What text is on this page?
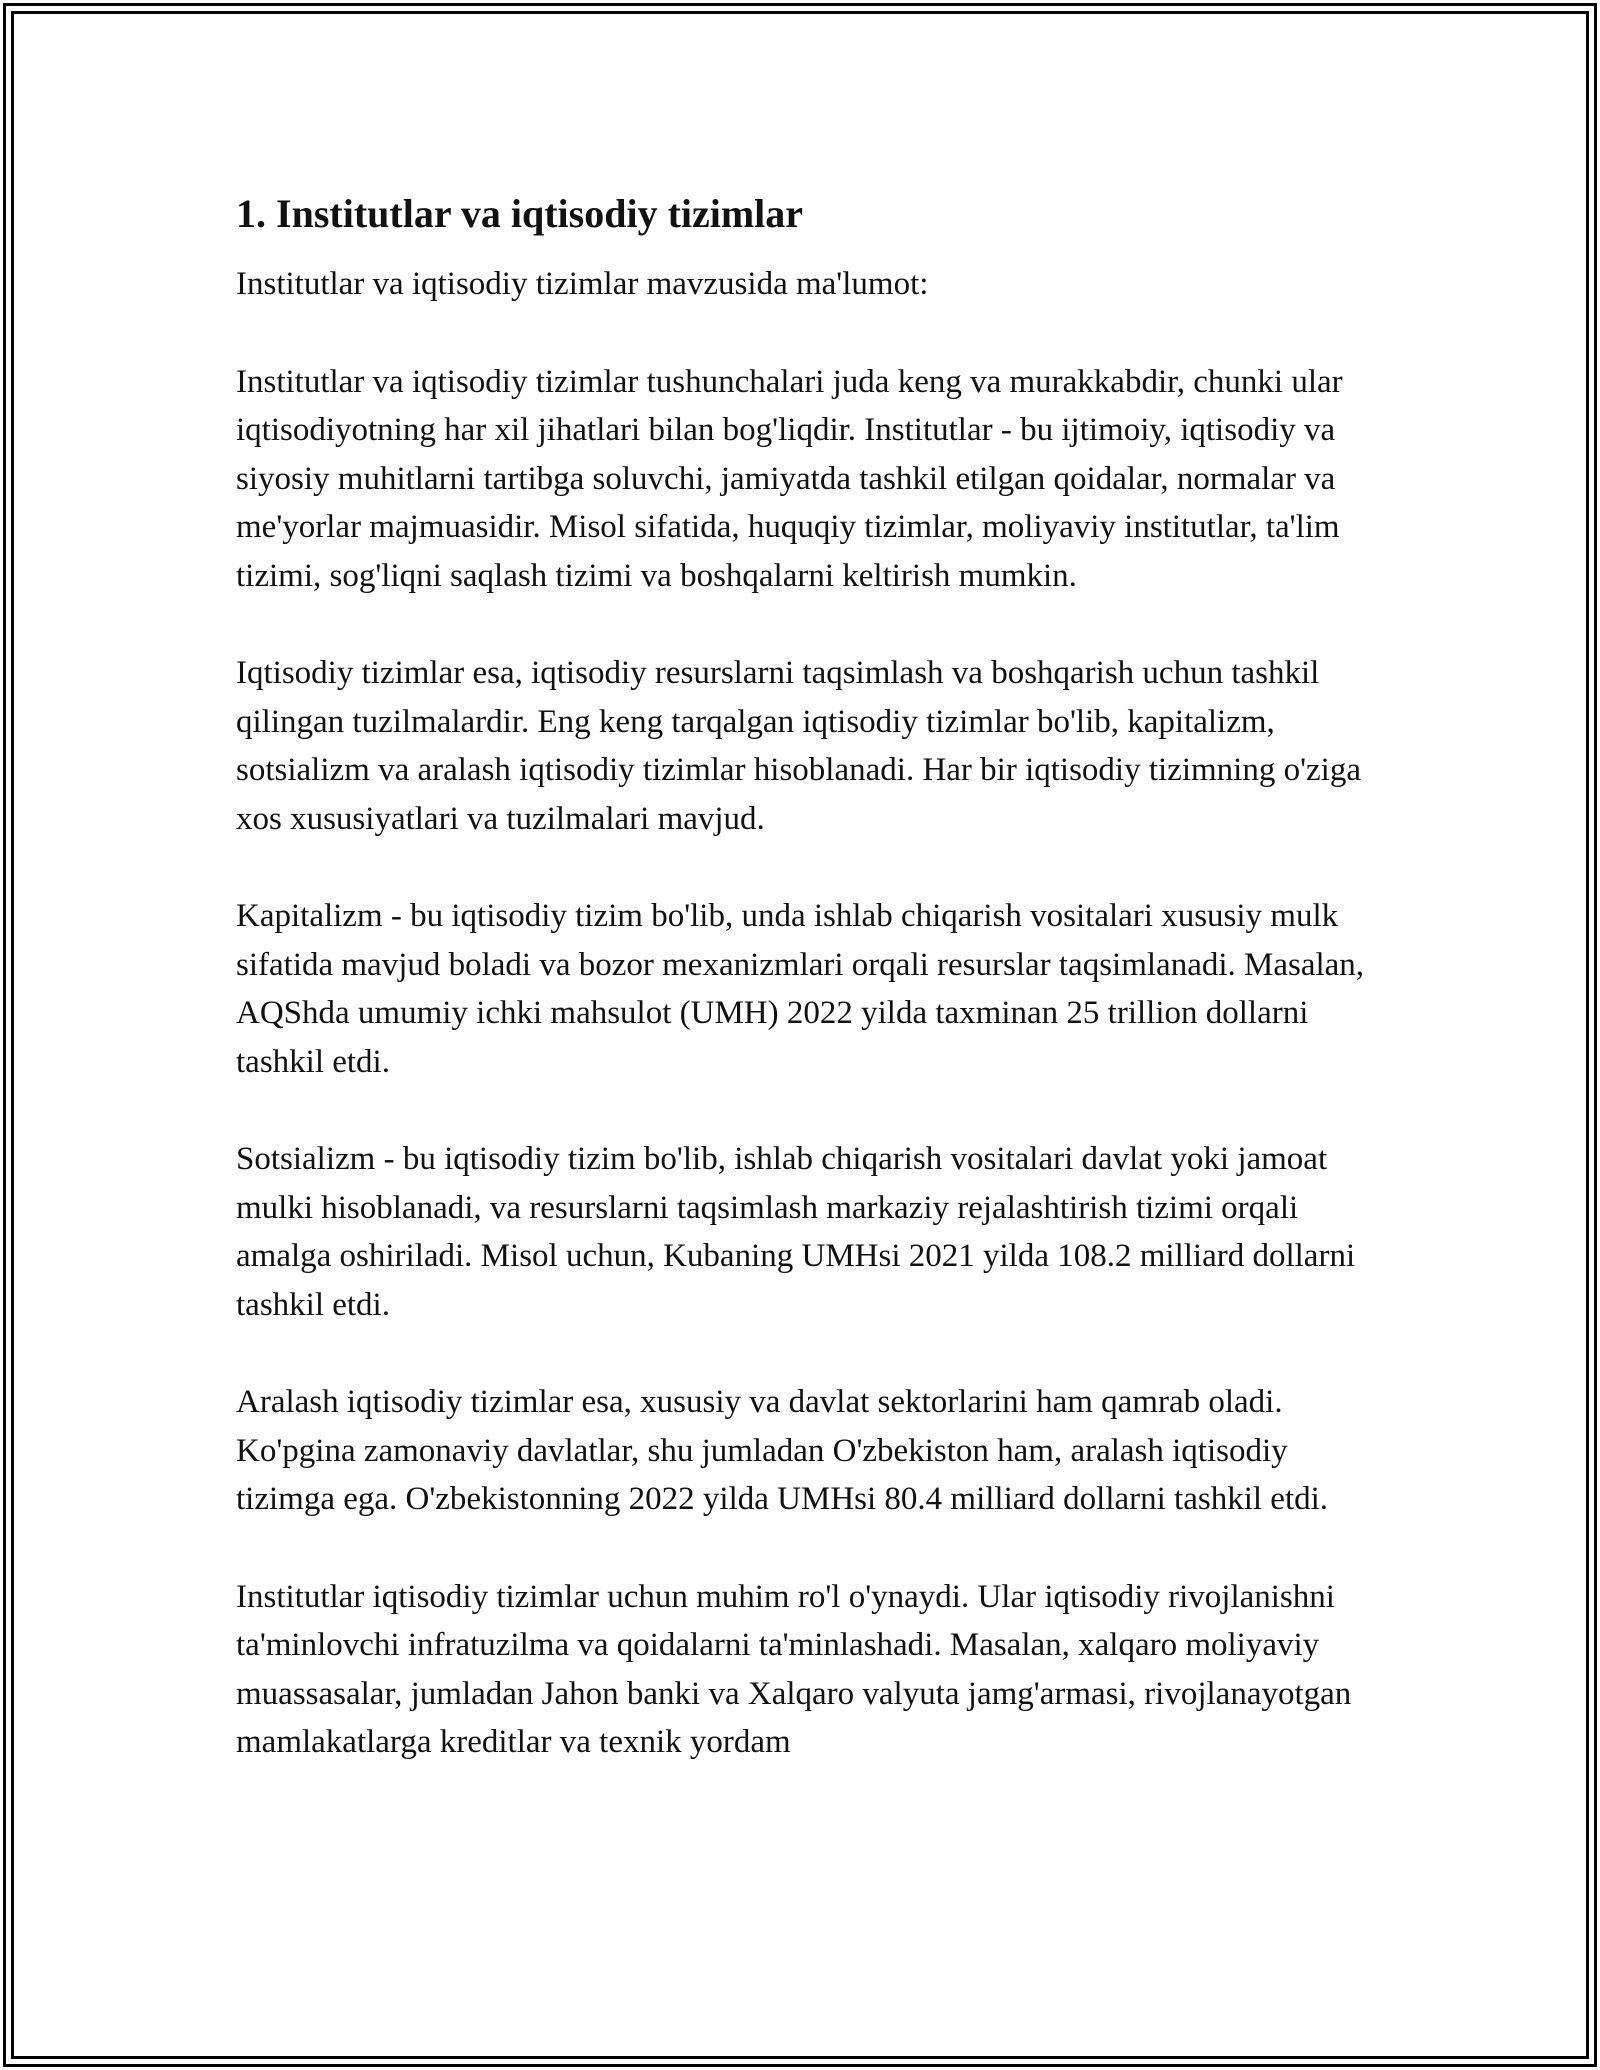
1. Institutlar va iqtisodiy tizimlar

Institutlar va iqtisodiy tizimlar mavzusida ma'lumot:

Institutlar va iqtisodiy tizimlar tushunchalari juda keng va murakkabdir, chunki ular iqtisodiyotning har xil jihatlari bilan bog'liqdir. Institutlar - bu ijtimoiy, iqtisodiy va siyosiy muhitlarni tartibga soluvchi, jamiyatda tashkil etilgan qoidalar, normalar va me'yorlar majmuasidir. Misol sifatida, huquqiy tizimlar, moliyaviy institutlar, ta'lim tizimi, sog'liqni saqlash tizimi va boshqalarni keltirish mumkin.

Iqtisodiy tizimlar esa, iqtisodiy resurslarni taqsimlash va boshqarish uchun tashkil qilingan tuzilmalardir. Eng keng tarqalgan iqtisodiy tizimlar bo'lib, kapitalizm, sotsializm va aralash iqtisodiy tizimlar hisoblanadi. Har bir iqtisodiy tizimning o'ziga xos xususiyatlari va tuzilmalari mavjud.

Kapitalizm - bu iqtisodiy tizim bo'lib, unda ishlab chiqarish vositalari xususiy mulk sifatida mavjud boladi va bozor mexanizmlari orqali resurslar taqsimlanadi. Masalan, AQShda umumiy ichki mahsulot (UMH) 2022 yilda taxminan 25 trillion dollarni tashkil etdi.

Sotsializm - bu iqtisodiy tizim bo'lib, ishlab chiqarish vositalari davlat yoki jamoat mulki hisoblanadi, va resurslarni taqsimlash markaziy rejalashtirish tizimi orqali amalga oshiriladi. Misol uchun, Kubaning UMHsi 2021 yilda 108.2 milliard dollarni tashkil etdi.

Aralash iqtisodiy tizimlar esa, xususiy va davlat sektorlarini ham qamrab oladi. Ko'pgina zamonaviy davlatlar, shu jumladan O'zbekiston ham, aralash iqtisodiy tizimga ega. O'zbekistonning 2022 yilda UMHsi 80.4 milliard dollarni tashkil etdi.

Institutlar iqtisodiy tizimlar uchun muhim ro'l o'ynaydi. Ular iqtisodiy rivojlanishni ta'minlovchi infratuzilma va qoidalarni ta'minlashadi. Masalan, xalqaro moliyaviy muassasalar, jumladan Jahon banki va Xalqaro valyuta jamg'armasi, rivojlanayotgan mamlakatlarga kreditlar va texnik yordam
